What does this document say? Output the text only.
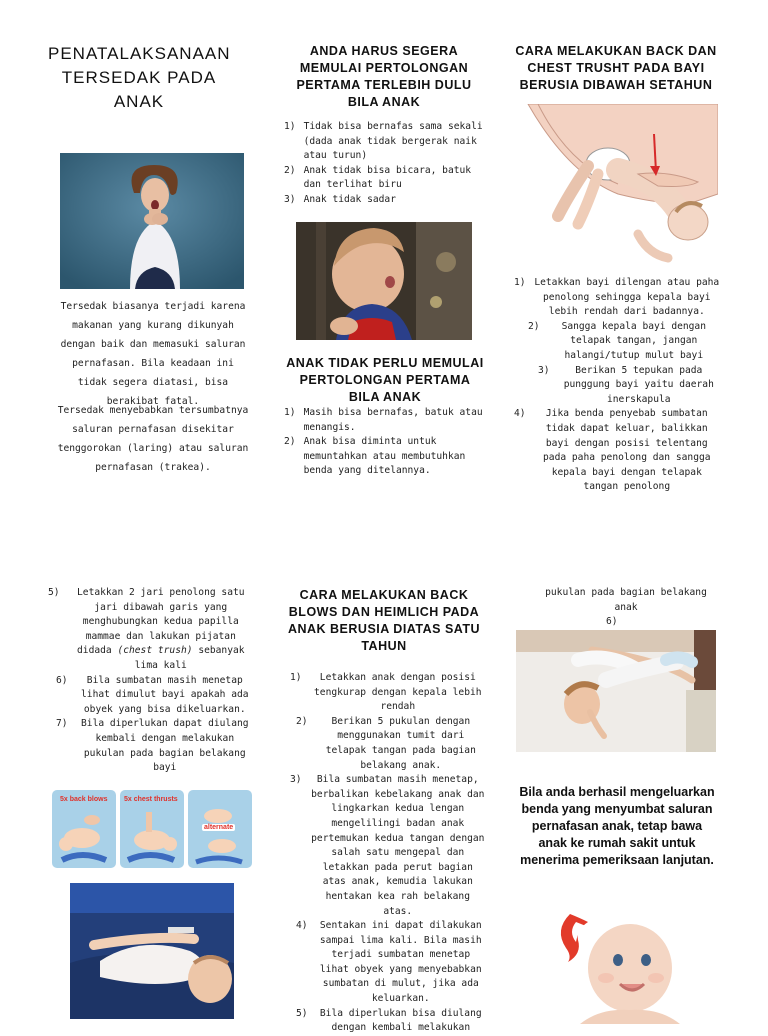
PENATALAKSANAAN TERSEDAK PADA ANAK
Tersedak biasanya terjadi karena makanan yang kurang dikunyah dengan baik dan memasuki saluran pernafasan. Bila keadaan ini tidak segera diatasi, bisa berakibat fatal.
Tersedak menyebabkan tersumbatnya saluran pernafasan disekitar tenggorokan (laring) atau saluran pernafasan (trakea).
ANDA HARUS SEGERA MEMULAI PERTOLONGAN PERTAMA TERLEBIH DULU BILA ANAK
1) Tidak bisa bernafas sama sekali (dada anak tidak bergerak naik atau turun)
2) Anak tidak bisa bicara, batuk dan terlihat biru
3) Anak tidak sadar
ANAK TIDAK PERLU MEMULAI PERTOLONGAN PERTAMA BILA ANAK
1) Masih bisa bernafas, batuk atau menangis.
2) Anak bisa diminta untuk memuntahkan atau membutuhkan benda yang ditelannya.
CARA MELAKUKAN BACK DAN CHEST TRUSHT PADA BAYI BERUSIA DIBAWAH SETAHUN
1) Letakkan bayi dilengan atau paha penolong sehingga kepala bayi lebih rendah dari badannya.
2)	Sangga kepala bayi dengan telapak tangan, jangan halangi/tutup mulut bayi
3)	Berikan 5 tepukan pada punggung bayi yaitu daerah inerskapula
4)	Jika benda penyebab sumbatan tidak dapat keluar, balikkan bayi dengan posisi telentang pada paha penolong dan sangga kepala bayi dengan telapak tangan penolong
5)	Letakkan 2 jari penolong satu jari dibawah garis yang menghubungkan kedua papilla mammae dan lakukan pijatan didada (chest trush) sebanyak lima kali
6)	Bila sumbatan masih menetap lihat dimulut bayi apakah ada obyek yang bisa dikeluarkan.
7)	Bila diperlukan dapat diulang kembali dengan melakukan pukulan pada bagian belakang bayi
5x back blows 5x chest thrusts
alternate
CARA MELAKUKAN BACK BLOWS DAN HEIMLICH PADA ANAK BERUSIA DIATAS SATU TAHUN
1)	Letakkan anak dengan posisi tengkurap dengan kepala lebih rendah
2)	Berikan 5 pukulan dengan menggunakan tumit dari telapak tangan pada bagian belakang anak.
3)	Bila sumbatan masih menetap, berbalikan kebelakang anak dan lingkarkan kedua lengan mengelilingi badan anak pertemukan kedua tangan dengan salah satu mengepal dan letakkan pada perut bagian atas anak, kemudia lakukan hentakan kea rah belakang atas.
4)	Sentakan ini dapat dilakukan sampai lima kali. Bila masih terjadi sumbatan menetap lihat obyek yang menyebabkan sumbatan di mulut, jika ada keluarkan.
5)	Bila diperlukan bisa diulang dengan kembali melakukan
pukulan pada bagian belakang anak
6)
Bila anda berhasil mengeluarkan benda yang menyumbat saluran pernafasan anak, tetap bawa anak ke rumah sakit untuk menerima pemeriksaan lanjutan.
